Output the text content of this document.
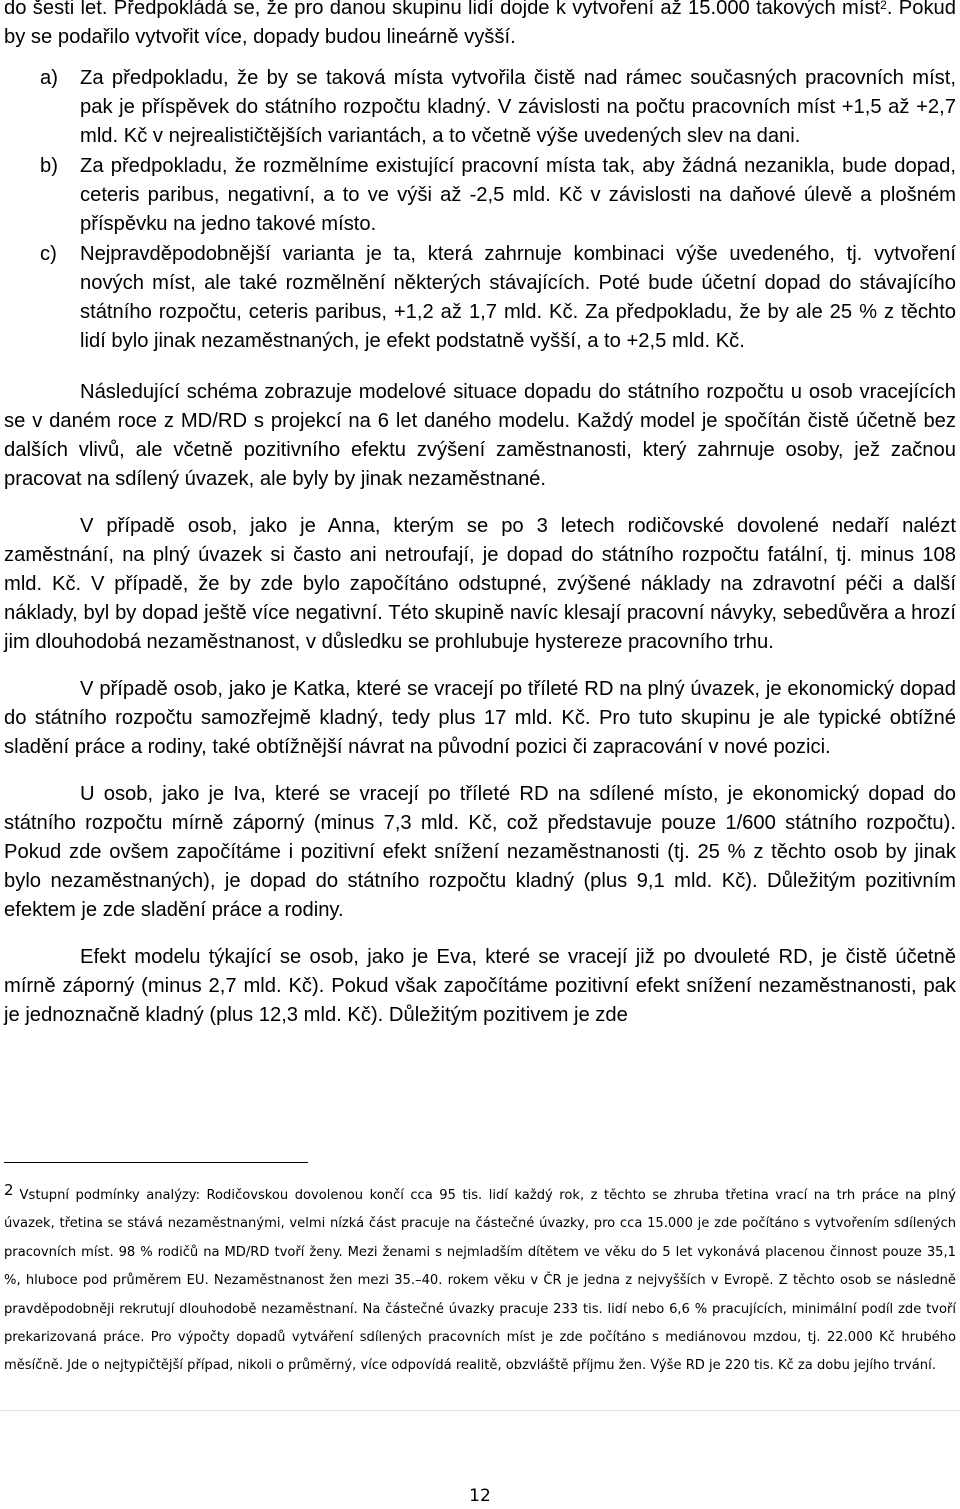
do šesti let. Předpokládá se, že pro danou skupinu lidí dojde k vytvoření až 15.000 takových míst$^2$. Pokud by se podařilo vytvořit více, dopady budou lineárně vyšší.

a) Za předpokladu, že by se taková místa vytvořila čistě nad rámec současných pracovních míst, pak je příspěvek do státního rozpočtu kladný. V závislosti na počtu pracovních míst +1,5 až +2,7 mld. Kč v nejrealističtějších variantách, a to včetně výše uvedených slev na dani.
b) Za předpokladu, že rozmělníme existující pracovní místa tak, aby žádná nezanikla, bude dopad, ceteris paribus, negativní, a to ve výši až -2,5 mld. Kč v závislosti na daňové úlevě a plošném příspěvku na jedno takové místo.
c) Nejpravděpodobnější varianta je ta, která zahrnuje kombinaci výše uvedeného, tj. vytvoření nových míst, ale také rozmělnění některých stávajících. Poté bude účetní dopad do stávajícího státního rozpočtu, ceteris paribus, +1,2 až 1,7 mld. Kč. Za předpokladu, že by ale 25 % z těchto lidí bylo jinak nezaměstnaných, je efekt podstatně vyšší, a to +2,5 mld. Kč.

Následující schéma zobrazuje modelové situace dopadu do státního rozpočtu u osob vracejících se v daném roce z MD/RD s projekcí na 6 let daného modelu. Každý model je spočítán čistě účetně bez dalších vlivů, ale včetně pozitivního efektu zvýšení zaměstnanosti, který zahrnuje osoby, jež začnou pracovat na sdílený úvazek, ale byly by jinak nezaměstnané.

V případě osob, jako je Anna, kterým se po 3 letech rodičovské dovolené nedaří nalézt zaměstnání, na plný úvazek si často ani netroufají, je dopad do státního rozpočtu fatální, tj. minus 108 mld. Kč. V případě, že by zde bylo započítáno odstupné, zvýšené náklady na zdravotní péči a další náklady, byl by dopad ještě více negativní. Této skupině navíc klesají pracovní návyky, sebedůvěra a hrozí jim dlouhodobá nezaměstnanost, v důsledku se prohlubuje hystereze pracovního trhu.

V případě osob, jako je Katka, které se vracejí po tříleté RD na plný úvazek, je ekonomický dopad do státního rozpočtu samozřejmě kladný, tedy plus 17 mld. Kč. Pro tuto skupinu je ale typické obtížné sladění práce a rodiny, také obtížnější návrat na původní pozici či zapracování v nové pozici.

U osob, jako je Iva, které se vracejí po tříleté RD na sdílené místo, je ekonomický dopad do státního rozpočtu mírně záporný (minus 7,3 mld. Kč, což představuje pouze 1/600 státního rozpočtu). Pokud zde ovšem započítáme i pozitivní efekt snížení nezaměstnanosti (tj. 25 % z těchto osob by jinak bylo nezaměstnaných), je dopad do státního rozpočtu kladný (plus 9,1 mld. Kč). Důležitým pozitivním efektem je zde sladění práce a rodiny.

Efekt modelu týkající se osob, jako je Eva, které se vracejí již po dvouleté RD, je čistě účetně mírně záporný (minus 2,7 mld. Kč). Pokud však započítáme pozitivní efekt snížení nezaměstnanosti, pak je jednoznačně kladný (plus 12,3 mld. Kč). Důležitým pozitivem je zde

2 Vstupní podmínky analýzy: Rodičovskou dovolenou končí cca 95 tis. lidí každý rok, z těchto se zhruba třetina vrací na trh práce na plný úvazek, třetina se stává nezaměstnanými, velmi nízká část pracuje na částečné úvazky, pro cca 15.000 je zde počítáno s vytvořením sdílených pracovních míst. 98 % rodičů na MD/RD tvoří ženy. Mezi ženami s nejmladším dítětem ve věku do 5 let vykonává placenou činnost pouze 35,1 %, hluboce pod průměrem EU. Nezaměstnanost žen mezi 35.–40. rokem věku v ČR je jedna z nejvyšších v Evropě. Z těchto osob se následně pravděpodobněji rekrutují dlouhodobě nezaměstnaní. Na částečné úvazky pracuje 233 tis. lidí nebo 6,6 % pracujících, minimální podíl zde tvoří prekarizovaná práce. Pro výpočty dopadů vytváření sdílených pracovních míst je zde počítáno s mediánovou mzdou, tj. 22.000 Kč hrubého měsíčně. Jde o nejtypičtější případ, nikoli o průměrný, více odpovídá realitě, obzvláště příjmu žen. Výše RD je 220 tis. Kč za dobu jejího trvání.

12
